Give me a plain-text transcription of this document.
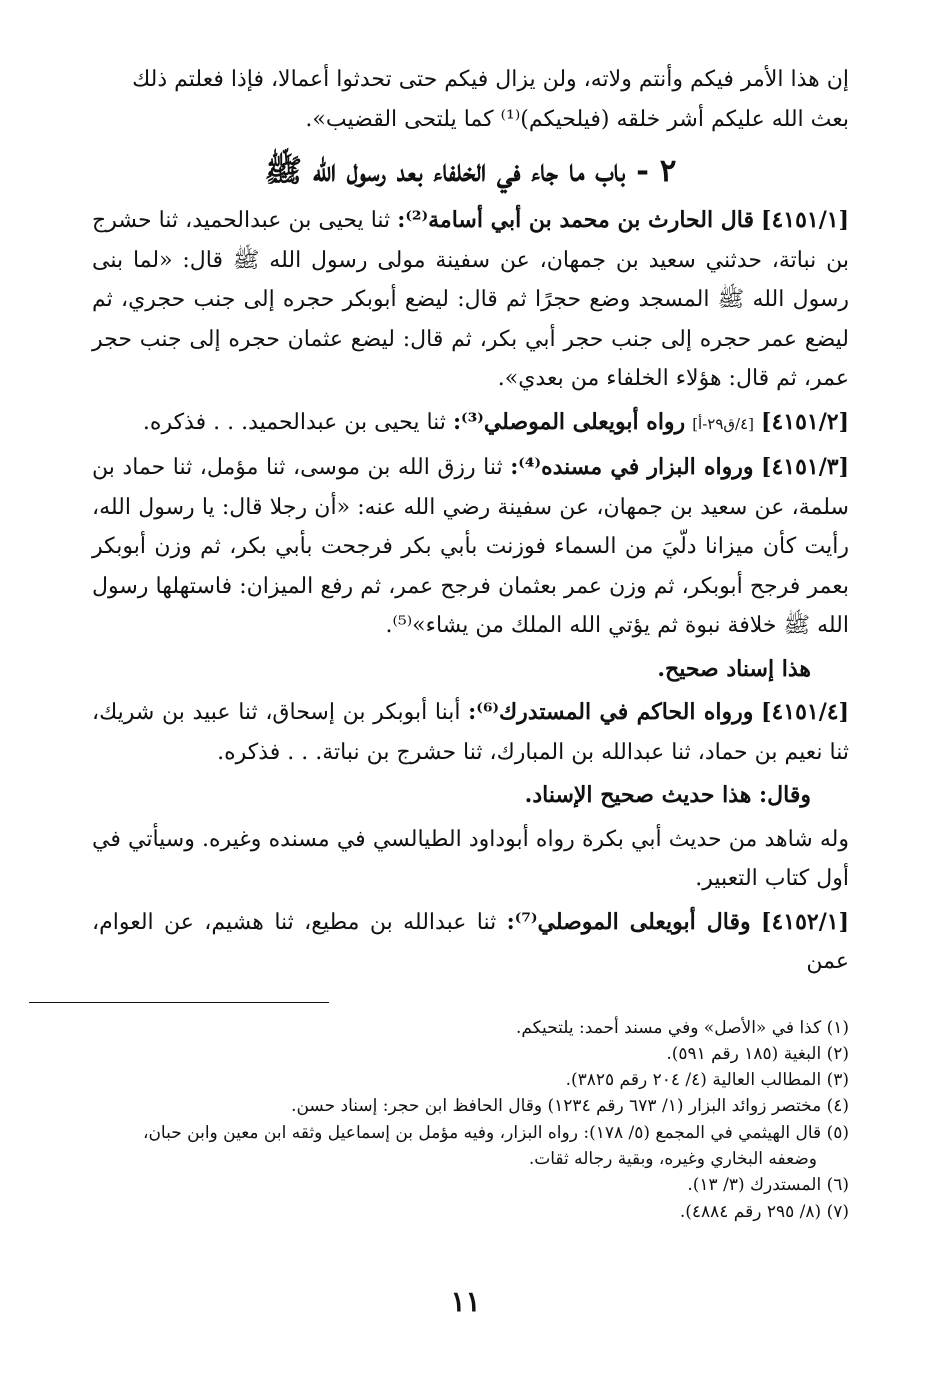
إن هذا الأمر فيكم وأنتم ولاته، ولن يزال فيكم حتى تحدثوا أعمالا، فإذا فعلتم ذلك
بعث الله عليكم أشر خلقه (فيلحيكم)⁽¹⁾ كما يلتحى القضيب».

٢ - باب ما جاء في الخلفاء بعد رسول الله ﷺ

[٤١٥١/١] قال الحارث بن محمد بن أبي أسامة⁽²⁾: ثنا يحيى بن عبدالحميد، ثنا حشرج بن نباتة، حدثني سعيد بن جمهان، عن سفينة مولى رسول الله ﷺ قال: «لما بنى رسول الله ﷺ المسجد وضع حجرًا ثم قال: ليضع أبوبكر حجره إلى جنب حجري، ثم ليضع عمر حجره إلى جنب حجر أبي بكر، ثم قال: ليضع عثمان حجره إلى جنب حجر عمر، ثم قال: هؤلاء الخلفاء من بعدي».

[٤١٥١/٢] [٤/ق٢٩-أ] رواه أبويعلى الموصلي⁽³⁾: ثنا يحيى بن عبدالحميد. . . فذكره.

[٤١٥١/٣] ورواه البزار في مسنده⁽⁴⁾: ثنا رزق الله بن موسى، ثنا مؤمل، ثنا حماد بن سلمة، عن سعيد بن جمهان، عن سفينة رضي الله عنه: «أن رجلا قال: يا رسول الله، رأيت كأن ميزانا دلّيَ من السماء فوزنت بأبي بكر فرجحت بأبي بكر، ثم وزن أبوبكر بعمر فرجح أبوبكر، ثم وزن عمر بعثمان فرجح عمر، ثم رفع الميزان: فاستهلها رسول الله ﷺ خلافة نبوة ثم يؤتي الله الملك من يشاء»⁽⁵⁾.

هذا إسناد صحيح.

[٤١٥١/٤] ورواه الحاكم في المستدرك⁽⁶⁾: أبنا أبوبكر بن إسحاق، ثنا عبيد بن شريك، ثنا نعيم بن حماد، ثنا عبدالله بن المبارك، ثنا حشرج بن نباتة. . . فذكره.

وقال: هذا حديث صحيح الإسناد.

وله شاهد من حديث أبي بكرة رواه أبوداود الطيالسي في مسنده وغيره. وسيأتي في أول كتاب التعبير.

[٤١٥٢/١] وقال أبويعلى الموصلي⁽⁷⁾: ثنا عبدالله بن مطيع، ثنا هشيم، عن العوام، عمن

(١) كذا في «الأصل» وفي مسند أحمد: يلتحيكم.

(٢) البغية (١٨٥ رقم ٥٩١).

(٣) المطالب العالية (٤/ ٢٠٤ رقم ٣٨٢٥).

(٤) مختصر زوائد البزار (١/ ٦٧٣ رقم ١٢٣٤) وقال الحافظ ابن حجر: إسناد حسن.

(٥) قال الهيثمي في المجمع (٥/ ١٧٨): رواه البزار، وفيه مؤمل بن إسماعيل وثقه ابن معين وابن حبان،

وضعفه البخاري وغيره، وبقية رجاله ثقات.

(٦) المستدرك (٣/ ١٣).

(٧) (٨/ ٢٩٥ رقم ٤٨٨٤).

١١
